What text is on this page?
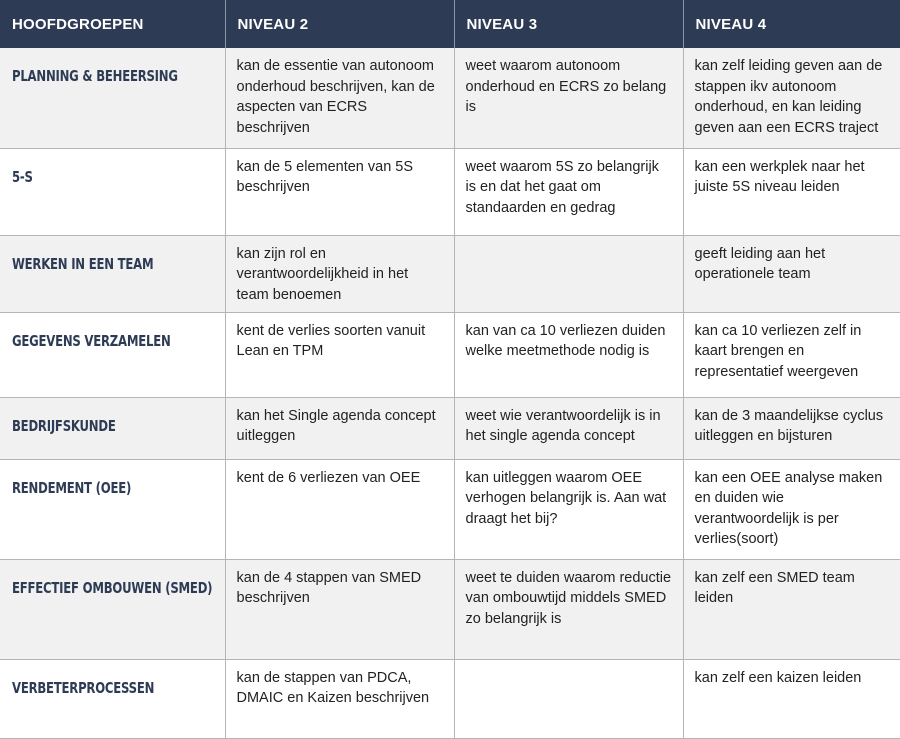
HOOFDGROEPEN	NIVEAU 2	NIVEAU 3	NIVEAU 4
PLANNING & BEHEERSING	kan de essentie van autonoom onderhoud beschrijven, kan de aspecten van ECRS beschrijven	weet waarom autonoom onderhoud en ECRS zo belang is	kan zelf leiding geven aan de stappen ikv autonoom onderhoud, en kan leiding geven aan een ECRS traject
5-S	kan de 5 elementen van 5S beschrijven	weet waarom 5S zo belangrijk is en dat het gaat om standaarden en gedrag	kan een werkplek naar het juiste 5S niveau leiden
WERKEN IN EEN TEAM	kan zijn rol en verantwoordelijkheid in het team benoemen		geeft leiding aan het operationele team
GEGEVENS VERZAMELEN	kent de verlies soorten vanuit Lean en TPM	kan van ca 10 verliezen duiden welke meetmethode nodig is	kan ca 10 verliezen zelf in kaart brengen en representatief weergeven
BEDRIJFSKUNDE	kan het Single agenda concept uitleggen	weet wie verantwoordelijk is in het single agenda concept	kan de 3 maandelijkse cyclus uitleggen en bijsturen
RENDEMENT (OEE)	kent de 6 verliezen van OEE	kan uitleggen waarom OEE verhogen belangrijk is. Aan wat draagt het bij?	kan een OEE analyse maken en duiden wie verantwoordelijk is per verlies(soort)
EFFECTIEF OMBOUWEN (SMED)	kan de 4 stappen van SMED beschrijven	weet te duiden waarom reductie van ombouwtijd middels SMED zo belangrijk is	kan zelf een SMED team leiden
VERBETERPROCESSEN	kan de stappen van PDCA, DMAIC en Kaizen beschrijven		kan zelf een kaizen leiden
